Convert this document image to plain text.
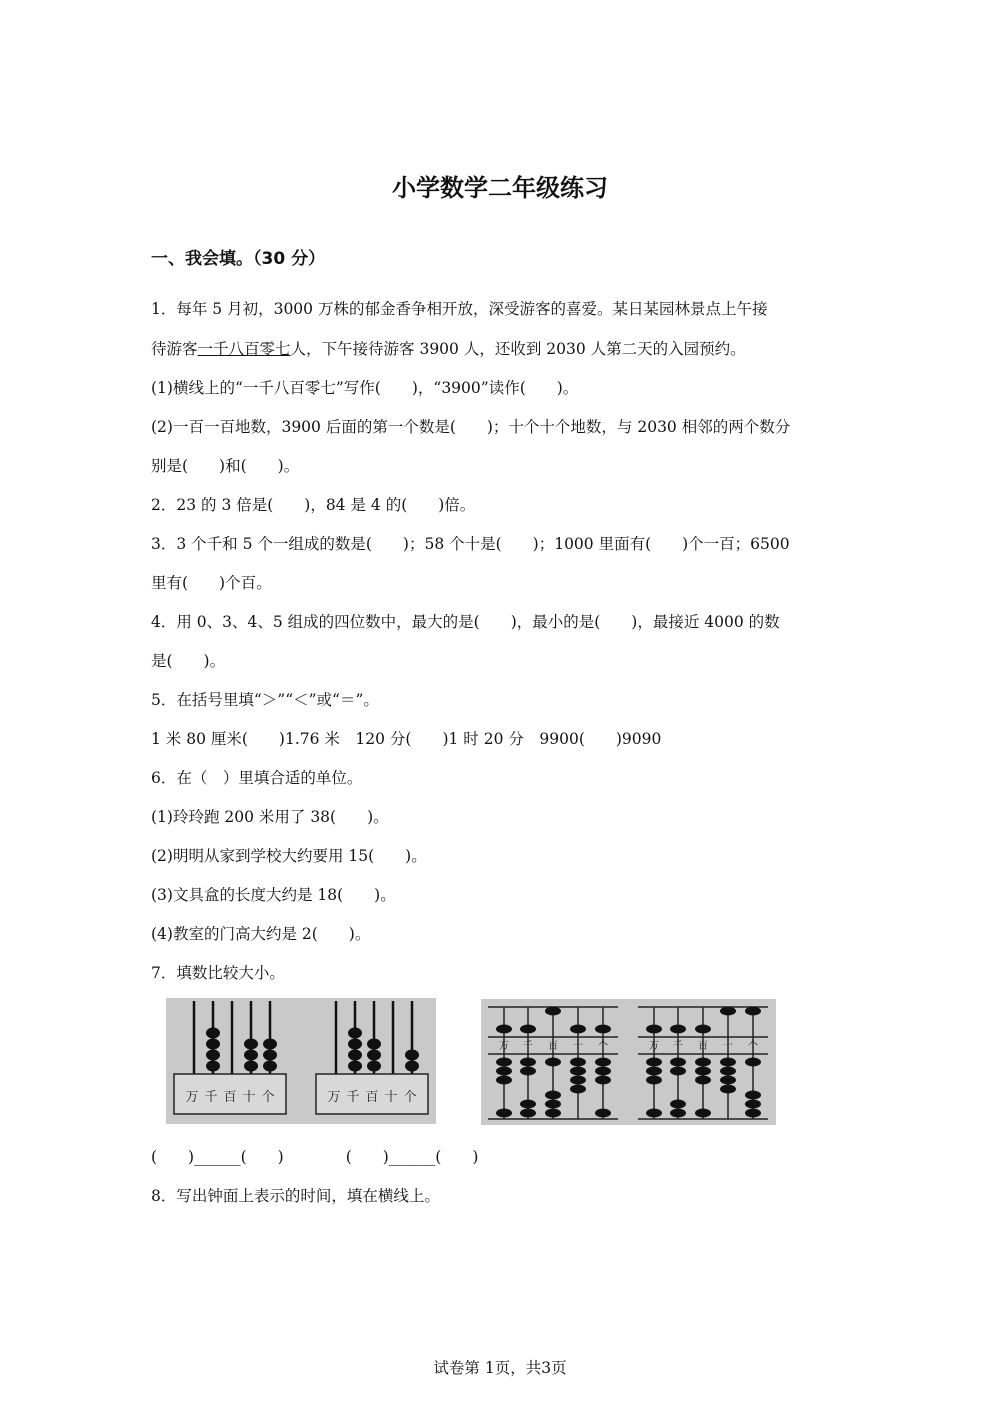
小学数学二年级练习
一、我会填。（30 分）
1．每年 5 月初，3000 万株的郁金香争相开放，深受游客的喜爱。某日某园林景点上午接
待游客一千八百零七人，下午接待游客 3900 人，还收到 2030 人第二天的入园预约。
(1)横线上的“一千八百零七”写作(　　)，“3900”读作(　　)。
(2)一百一百地数，3900 后面的第一个数是(　　)；十个十个地数，与 2030 相邻的两个数分
别是(　　)和(　　)。
2．23 的 3 倍是(　　)，84 是 4 的(　　)倍。
3．3 个千和 5 个一组成的数是(　　)；58 个十是(　　)；1000 里面有(　　)个一百；6500
里有(　　)个百。
4．用 0、3、4、5 组成的四位数中，最大的是(　　)，最小的是(　　)，最接近 4000 的数
是(　　)。
5．在括号里填“＞”“＜”或“＝”。
1 米 80 厘米(　　)1.76 米　120 分(　　)1 时 20 分　9900(　　)9090
6．在（　）里填合适的单位。
(1)玲玲跑 200 米用了 38(　　)。
(2)明明从家到学校大约要用 15(　　)。
(3)文具盒的长度大约是 18(　　)。
(4)教室的门高大约是 2(　　)。
7．填数比较大小。
万 千 百 十 个	万 千 百 十 个
万 千 百 十 个	万 千 百 十 个
(　　)______(　　)　　　　(　　)______(　　)
8．写出钟面上表示的时间，填在横线上。
试卷第 1页，共3页
